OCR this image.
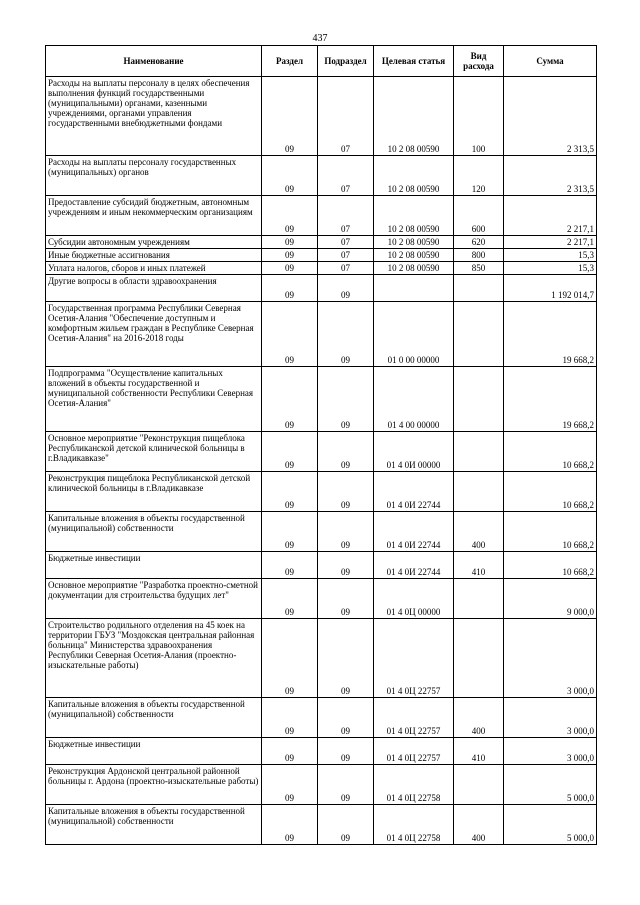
437
Наименование	Раздел	Подраздел	Целевая статья	Вид расхода	Сумма
Расходы на выплаты персоналу в целях обеспечения выполнения функций государственными (муниципальными) органами, казенными учреждениями, органами управления государственными внебюджетными фондами	09	07	10 2 08 00590	100	2 313,5
Расходы на выплаты персоналу государственных (муниципальных) органов	09	07	10 2 08 00590	120	2 313,5
Предоставление субсидий бюджетным, автономным учреждениям и иным некоммерческим организациям	09	07	10 2 08 00590	600	2 217,1
Субсидии автономным учреждениям	09	07	10 2 08 00590	620	2 217,1
Иные бюджетные ассигнования	09	07	10 2 08 00590	800	15,3
Уплата налогов, сборов и иных платежей	09	07	10 2 08 00590	850	15,3
Другие вопросы в области здравоохранения	09	09			1 192 014,7
Государственная программа Республики Северная Осетия-Алания "Обеспечение доступным и комфортным жильем граждан в Республике Северная Осетия-Алания" на 2016-2018 годы	09	09	01 0 00 00000		19 668,2
Подпрограмма "Осуществление капитальных вложений в объекты государственной и муниципальной собственности Республики Северная Осетия-Алания"	09	09	01 4 00 00000		19 668,2
Основное мероприятие "Реконструкция пищеблока Республиканской детской клинической больницы в г.Владикавказе"	09	09	01 4 0И 00000		10 668,2
Реконструкция пищеблока Республиканской детской клинической больницы в г.Владикавказе	09	09	01 4 0И 22744		10 668,2
Капитальные вложения в объекты государственной (муниципальной) собственности	09	09	01 4 0И 22744	400	10 668,2
Бюджетные инвестиции	09	09	01 4 0И 22744	410	10 668,2
Основное мероприятие "Разработка проектно-сметной документации для строительства будущих лет"	09	09	01 4 0Ц 00000		9 000,0
Строительство родильного отделения на 45 коек на территории ГБУЗ "Моздокская центральная районная больница" Министерства здравоохранения Республики Северная Осетия-Алания (проектно-изыскательные работы)	09	09	01 4 0Ц 22757		3 000,0
Капитальные вложения в объекты государственной (муниципальной) собственности	09	09	01 4 0Ц 22757	400	3 000,0
Бюджетные инвестиции	09	09	01 4 0Ц 22757	410	3 000,0
Реконструкция Ардонской центральной районной больницы г. Ардона (проектно-изыскательные работы)	09	09	01 4 0Ц 22758		5 000,0
Капитальные вложения в объекты государственной (муниципальной) собственности	09	09	01 4 0Ц 22758	400	5 000,0
